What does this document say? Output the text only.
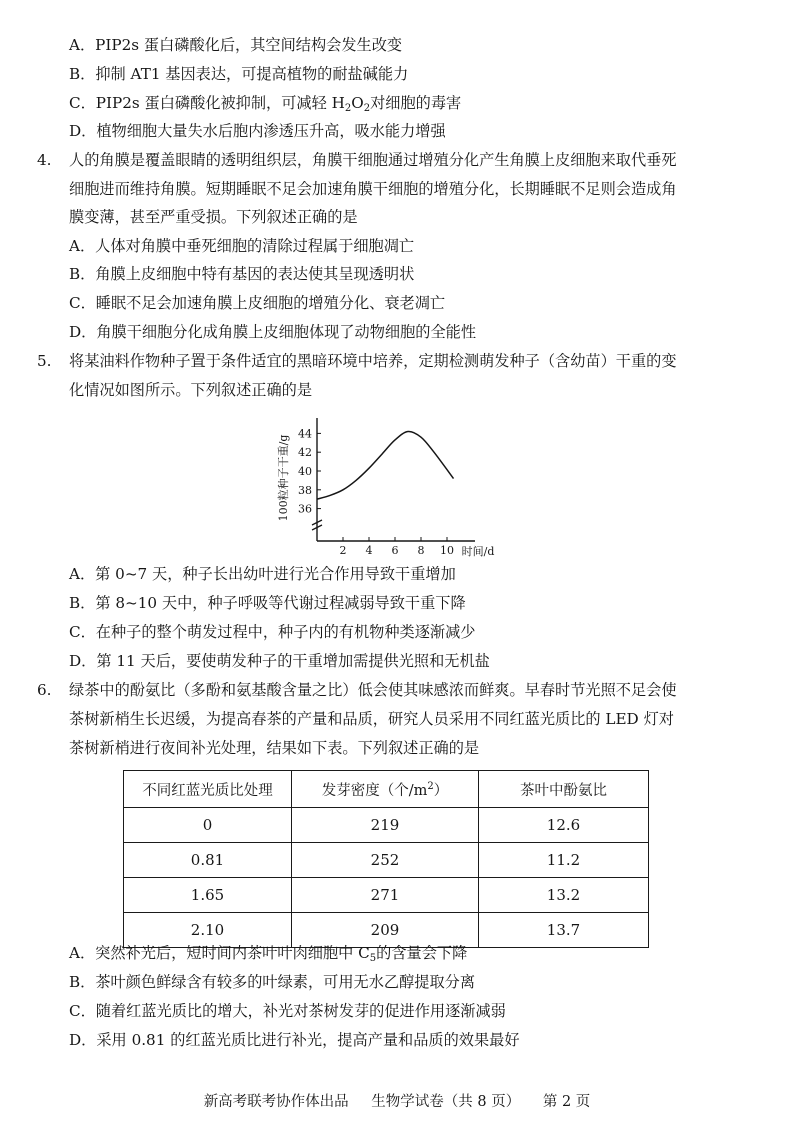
A．PIP2s 蛋白磷酸化后，其空间结构会发生改变
B．抑制 AT1 基因表达，可提高植物的耐盐碱能力
C．PIP2s 蛋白磷酸化被抑制，可减轻 $H_2O_2$对细胞的毒害
D．植物细胞大量失水后胞内渗透压升高，吸水能力增强
4. 人的角膜是覆盖眼睛的透明组织层，角膜干细胞通过增殖分化产生角膜上皮细胞来取代垂死
细胞进而维持角膜。短期睡眠不足会加速角膜干细胞的增殖分化，长期睡眠不足则会造成角
膜变薄，甚至严重受损。下列叙述正确的是
A．人体对角膜中垂死细胞的清除过程属于细胞凋亡
B．角膜上皮细胞中特有基因的表达使其呈现透明状
C．睡眠不足会加速角膜上皮细胞的增殖分化、衰老凋亡
D．角膜干细胞分化成角膜上皮细胞体现了动物细胞的全能性
5. 将某油料作物种子置于条件适宜的黑暗环境中培养，定期检测萌发种子（含幼苗）干重的变
化情况如图所示。下列叙述正确的是
36
38
40
42
44
2 4 6 8 10 时间/d
100粒种子干重/g
A．第 0~7 天，种子长出幼叶进行光合作用导致干重增加
B．第 8~10 天中，种子呼吸等代谢过程减弱导致干重下降
C．在种子的整个萌发过程中，种子内的有机物种类逐渐减少
D．第 11 天后，要使萌发种子的干重增加需提供光照和无机盐
6. 绿茶中的酚氨比（多酚和氨基酸含量之比）低会使其味感浓而鲜爽。早春时节光照不足会使
茶树新梢生长迟缓，为提高春茶的产量和品质，研究人员采用不同红蓝光质比的 LED 灯对
茶树新梢进行夜间补光处理，结果如下表。下列叙述正确的是
不同红蓝光质比处理	发芽密度（个$/m^2$）	茶叶中酚氨比
0	219	12.6
0.81	252	11.2
1.65	271	13.2
2.10	209	13.7
A．突然补光后，短时间内茶叶叶肉细胞中 $C_5$的含量会下降
B．茶叶颜色鲜绿含有较多的叶绿素，可用无水乙醇提取分离
C．随着红蓝光质比的增大，补光对茶树发芽的促进作用逐渐减弱
D．采用 0.81 的红蓝光质比进行补光，提高产量和品质的效果最好
新高考联考协作体出品 生物学试卷（共 8 页） 第 2 页
